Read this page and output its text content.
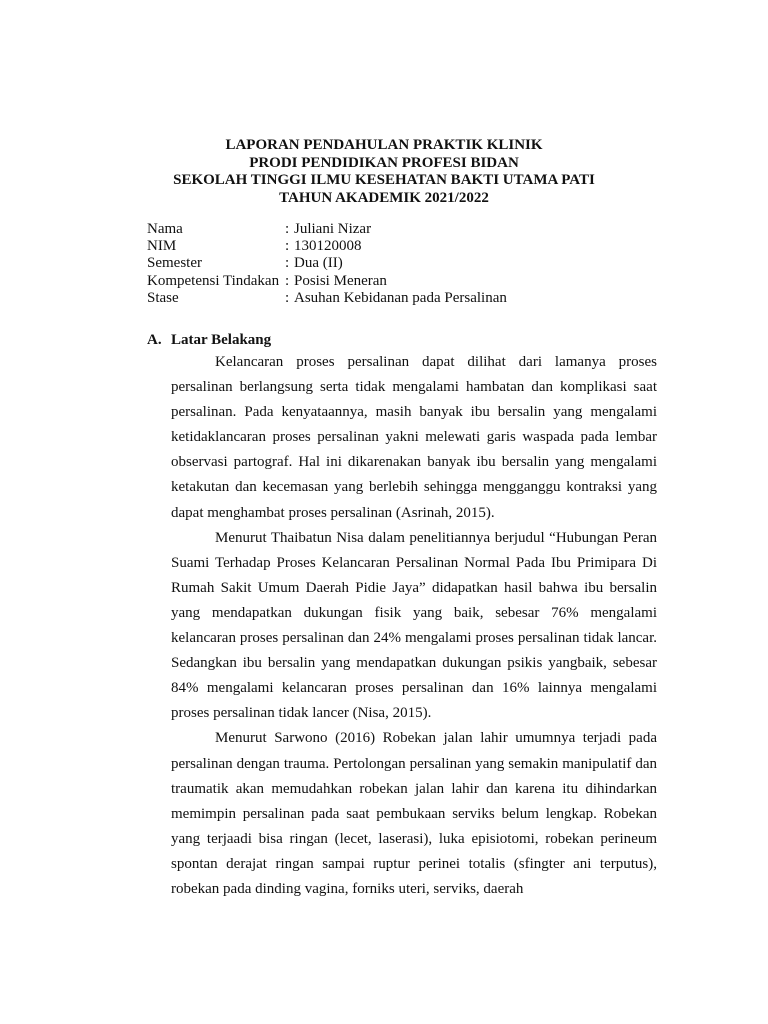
LAPORAN PENDAHULAN PRAKTIK KLINIK
PRODI PENDIDIKAN PROFESI BIDAN
SEKOLAH TINGGI ILMU KESEHATAN BAKTI UTAMA PATI
TAHUN AKADEMIK 2021/2022
Nama	: Juliani Nizar
NIM	: 130120008
Semester	: Dua (II)
Kompetensi Tindakan : Posisi Meneran
Stase	: Asuhan Kebidanan pada Persalinan
A. Latar Belakang

Kelancaran proses persalinan dapat dilihat dari lamanya proses persalinan berlangsung serta tidak mengalami hambatan dan komplikasi saat persalinan. Pada kenyataannya, masih banyak ibu bersalin yang mengalami ketidaklancaran proses persalinan yakni melewati garis waspada pada lembar observasi partograf. Hal ini dikarenakan banyak ibu bersalin yang mengalami ketakutan dan kecemasan yang berlebih sehingga mengganggu kontraksi yang dapat menghambat proses persalinan (Asrinah, 2015).

Menurut Thaibatun Nisa dalam penelitiannya berjudul “Hubungan Peran Suami Terhadap Proses Kelancaran Persalinan Normal Pada Ibu Primipara Di Rumah Sakit Umum Daerah Pidie Jaya” didapatkan hasil bahwa ibu bersalin yang mendapatkan dukungan fisik yang baik, sebesar 76% mengalami kelancaran proses persalinan dan 24% mengalami proses persalinan tidak lancar. Sedangkan ibu bersalin yang mendapatkan dukungan psikis yangbaik, sebesar 84% mengalami kelancaran proses persalinan dan 16% lainnya mengalami proses persalinan tidak lancer (Nisa, 2015).

Menurut Sarwono (2016) Robekan jalan lahir umumnya terjadi pada persalinan dengan trauma. Pertolongan persalinan yang semakin manipulatif dan traumatik akan memudahkan robekan jalan lahir dan karena itu dihindarkan memimpin persalinan pada saat pembukaan serviks belum lengkap. Robekan yang terjaadi bisa ringan (lecet, laserasi), luka episiotomi, robekan perineum spontan derajat ringan sampai ruptur perinei totalis (sfingter ani terputus), robekan pada dinding vagina, forniks uteri, serviks, daerah
